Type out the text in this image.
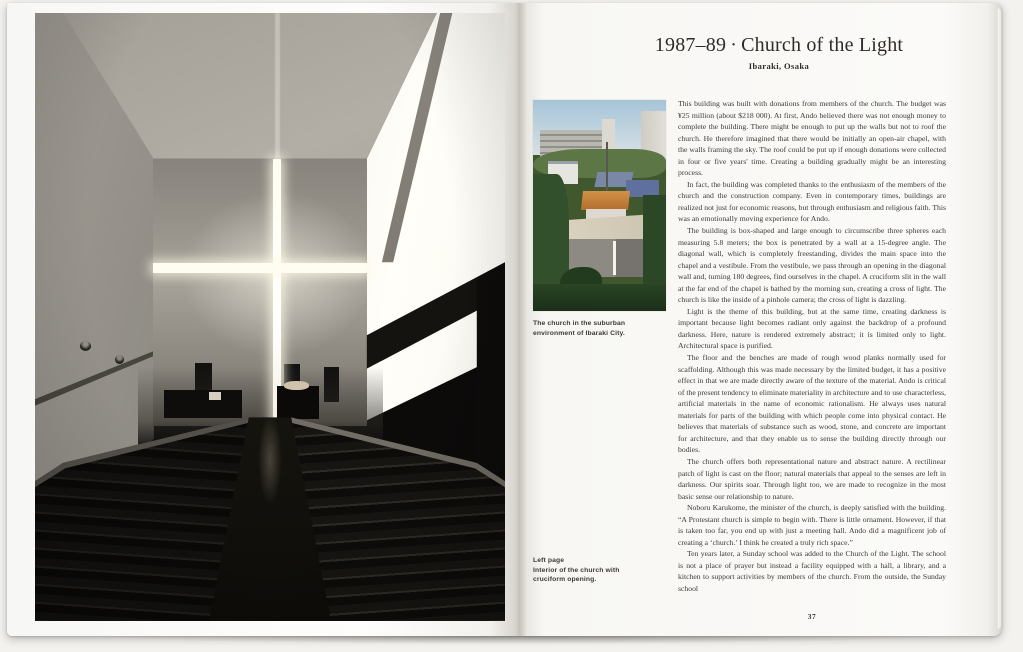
1987–89 · Church of the Light
Ibaraki, Osaka
The church in the suburban environment of Ibaraki City.
Left page
Interior of the church with cruciform opening.

This building was built with donations from members of the church. The budget was ¥25 million (about $218 000). At first, Ando believed there was not enough money to complete the building. There might be enough to put up the walls but not to roof the church. He therefore imagined that there would be initially an open-air chapel, with the walls framing the sky. The roof could be put up if enough donations were collected in four or five years' time. Creating a building gradually might be an interesting process.

In fact, the building was completed thanks to the enthusiasm of the members of the church and the construction company. Even in contemporary times, buildings are realized not just for economic reasons, but through enthusiasm and religious faith. This was an emotionally moving experience for Ando.

The building is box-shaped and large enough to circumscribe three spheres each measuring 5.8 meters; the box is penetrated by a wall at a 15-degree angle. The diagonal wall, which is completely freestanding, divides the main space into the chapel and a vestibule. From the vestibule, we pass through an opening in the diagonal wall and, turning 180 degrees, find ourselves in the chapel. A cruciform slit in the wall at the far end of the chapel is bathed by the morning sun, creating a cross of light. The church is like the inside of a pinhole camera; the cross of light is dazzling.

Light is the theme of this building, but at the same time, creating darkness is important because light becomes radiant only against the backdrop of a profound darkness. Here, nature is rendered extremely abstract; it is limited only to light. Architectural space is purified.

The floor and the benches are made of rough wood planks normally used for scaffolding. Although this was made necessary by the limited budget, it has a positive effect in that we are made directly aware of the texture of the material. Ando is critical of the present tendency to eliminate materiality in architecture and to use characterless, artificial materials in the name of economic rationalism. He always uses natural materials for parts of the building with which people come into physical contact. He believes that materials of substance such as wood, stone, and concrete are important for architecture, and that they enable us to sense the building directly through our bodies.

The church offers both representational nature and abstract nature. A rectilinear patch of light is cast on the floor; natural materials that appeal to the senses are left in darkness. Our spirits soar. Through light too, we are made to recognize in the most basic sense our relationship to nature.

Noboru Karukome, the minister of the church, is deeply satisfied with the building. “A Protestant church is simple to begin with. There is little ornament. However, if that is taken too far, you end up with just a meeting hall. Ando did a magnificent job of creating a ‘church.’ I think he created a truly rich space.”

Ten years later, a Sunday school was added to the Church of the Light. The school is not a place of prayer but instead a facility equipped with a hall, a library, and a kitchen to support activities by members of the church. From the outside, the Sunday school

37
